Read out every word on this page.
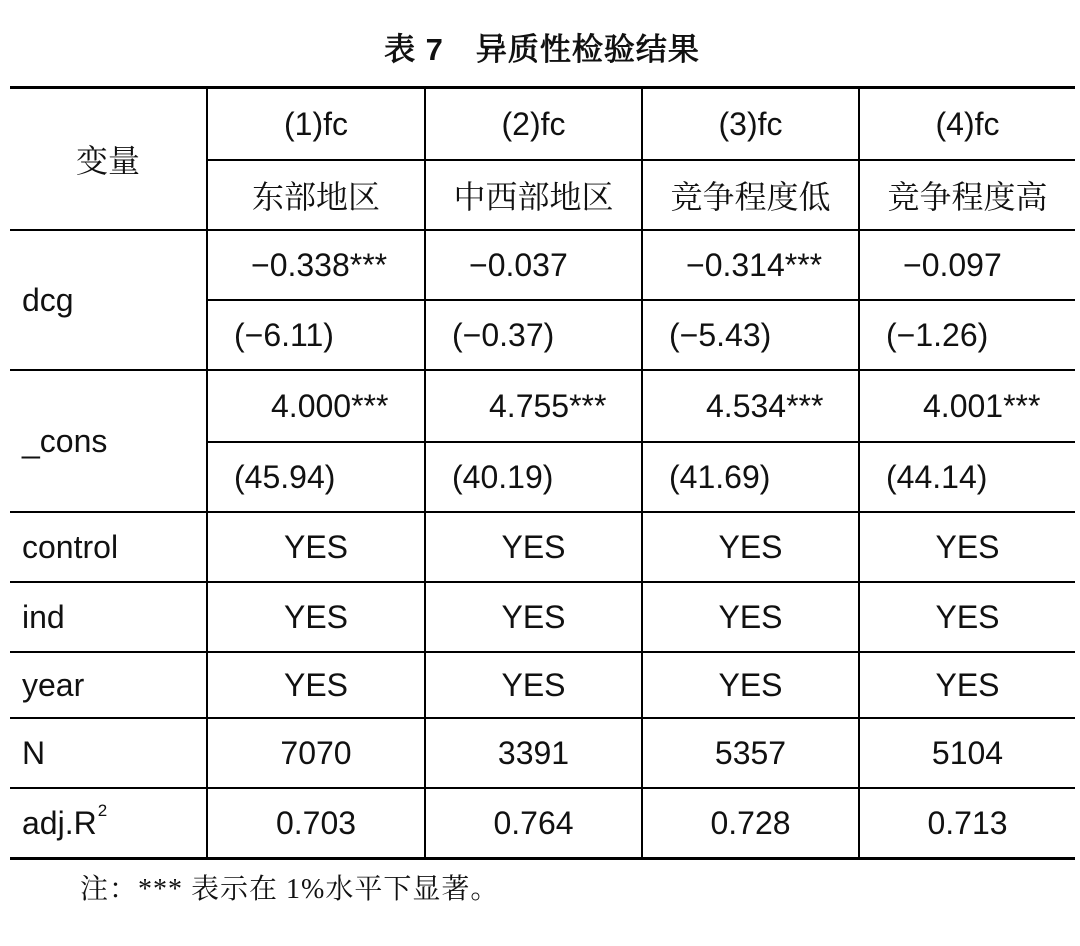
表 7　异质性检验结果
变量
(1)fc	(2)fc	(3)fc	(4)fc
东部地区	中西部地区	竞争程度低	竞争程度高
dcg
−0.338***	−0.037	−0.314***	−0.097
(−6.11)	(−0.37)	(−5.43)	(−1.26)
_cons
4.000***	4.755***	4.534***	4.001***
(45.94)	(40.19)	(41.69)	(44.14)
control	YES	YES	YES	YES
ind	YES	YES	YES	YES
year	YES	YES	YES	YES
N	7070	3391	5357	5104
adj.R 2	0.703	0.764	0.728	0.713
注：*** 表示在 1%水平下显著。
